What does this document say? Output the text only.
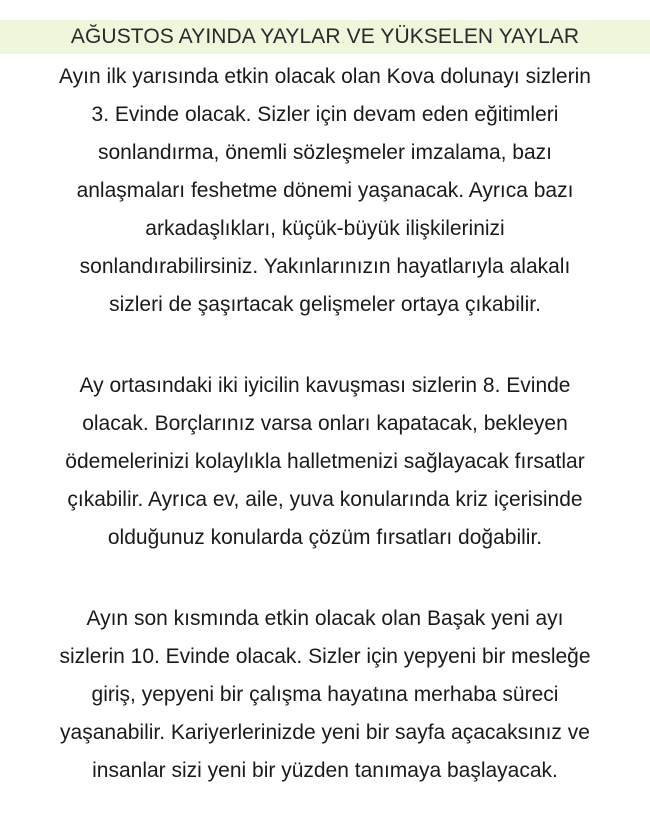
AĞUSTOS AYINDA YAYLAR VE YÜKSELEN YAYLAR
Ayın ilk yarısında etkin olacak olan Kova dolunayı sizlerin
3. Evinde olacak. Sizler için devam eden eğitimleri
sonlandırma, önemli sözleşmeler imzalama, bazı
anlaşmaları feshetme dönemi yaşanacak. Ayrıca bazı
arkadaşlıkları, küçük-büyük ilişkilerinizi
sonlandırabilirsiniz. Yakınlarınızın hayatlarıyla alakalı
sizleri de şaşırtacak gelişmeler ortaya çıkabilir.
Ay ortasındaki iki iyicilin kavuşması sizlerin 8. Evinde
olacak. Borçlarınız varsa onları kapatacak, bekleyen
ödemelerinizi kolaylıkla halletmenizi sağlayacak fırsatlar
çıkabilir. Ayrıca ev, aile, yuva konularında kriz içerisinde
olduğunuz konularda çözüm fırsatları doğabilir.
Ayın son kısmında etkin olacak olan Başak yeni ayı
sizlerin 10. Evinde olacak. Sizler için yepyeni bir mesleğe
giriş, yepyeni bir çalışma hayatına merhaba süreci
yaşanabilir. Kariyerlerinizde yeni bir sayfa açacaksınız ve
insanlar sizi yeni bir yüzden tanımaya başlayacak.
